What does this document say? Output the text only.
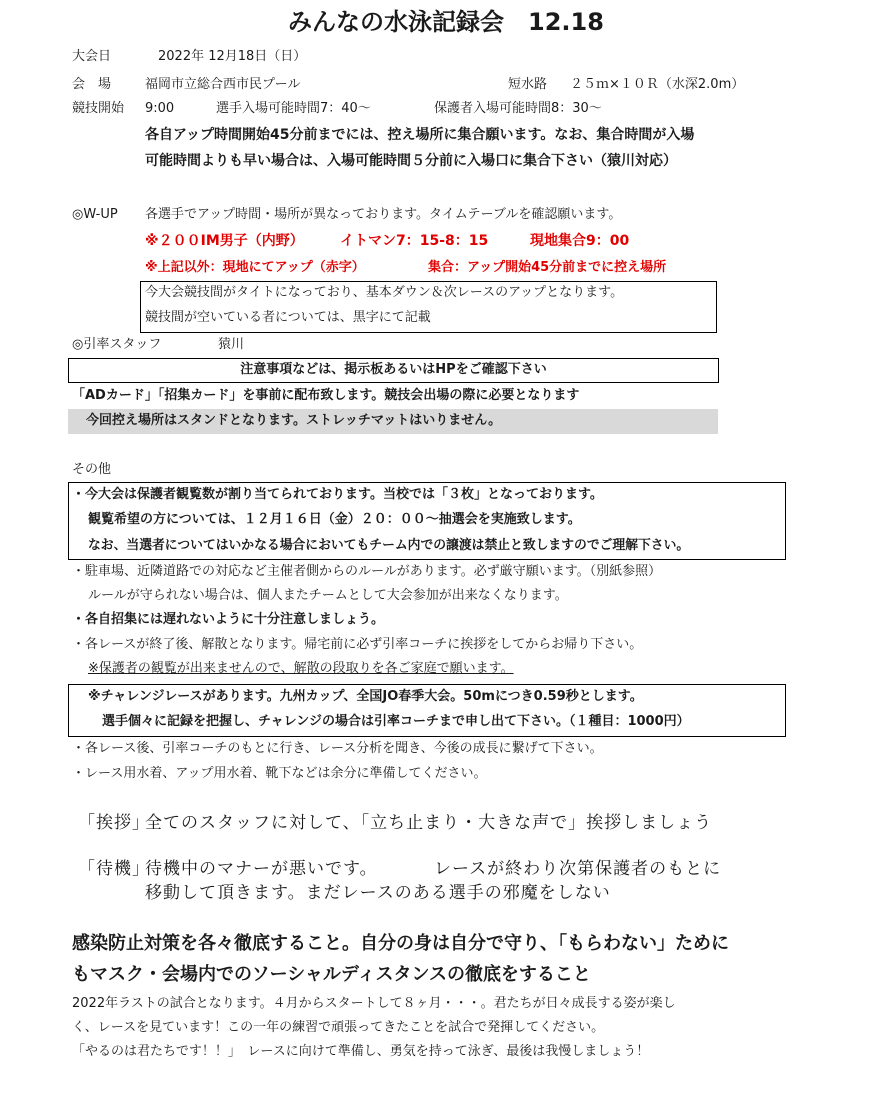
みんなの水泳記録会　12.18
大会日	2022年 12月18日（日）
会　場	福岡市立総合西市民プール	短水路 ２５ｍ×１０Ｒ（水深2.0m）
競技開始 9:00	選手入場可能時間7：40～	保護者入場可能時間8：30～
各自アップ時間開始45分前までには、控え場所に集合願います。なお、集合時間が入場
可能時間よりも早い場合は、入場可能時間５分前に入場口に集合下さい（猿川対応）
◎W-UP 各選手でアップ時間・場所が異なっております。タイムテーブルを確認願います。
※２００IM男子（内野）	イトマン7：15-8：15	現地集合9：00
※上記以外：現地にてアップ（赤字）	集合：アップ開始45分前までに控え場所
今大会競技間がタイトになっており、基本ダウン＆次レースのアップとなります。
競技間が空いている者については、黒字にて記載
◎引率スタッフ	猿川
注意事項などは、掲示板あるいはHPをご確認下さい
「ADカード」「招集カード」を事前に配布致します。競技会出場の際に必要となります
今回控え場所はスタンドとなります。ストレッチマットはいりません。
その他
・今大会は保護者観覧数が割り当てられております。当校では「３枚」となっております。
観覧希望の方については、１２月１６日（金）２０：００～抽選会を実施致します。
なお、当選者についてはいかなる場合においてもチーム内での譲渡は禁止と致しますのでご理解下さい。
・駐車場、近隣道路での対応など主催者側からのルールがあります。必ず厳守願います。（別紙参照）
ルールが守られない場合は、個人またチームとして大会参加が出来なくなります。
・各自招集には遅れないように十分注意しましょう。
・各レースが終了後、解散となります。帰宅前に必ず引率コーチに挨拶をしてからお帰り下さい。
※保護者の観覧が出来ませんので、解散の段取りを各ご家庭で願います。
※チャレンジレースがあります。九州カップ、全国JO春季大会。50mにつき0.59秒とします。
選手個々に記録を把握し、チャレンジの場合は引率コーチまで申し出て下さい。（１種目：1000円）
・各レース後、引率コーチのもとに行き、レース分析を聞き、今後の成長に繋げて下さい。
・レース用水着、アップ用水着、靴下などは余分に準備してください。
「挨拶」
全てのスタッフに対して、「立ち止まり・大きな声で」挨拶しましょう
「待機」
待機中のマナーが悪いです。	レースが終わり次第保護者のもとに
移動して頂きます。まだレースのある選手の邪魔をしない
感染防止対策を各々徹底すること。自分の身は自分で守り、「もらわない」ために
もマスク・会場内でのソーシャルディスタンスの徹底をすること
2022年ラストの試合となります。４月からスタートして８ヶ月・・・。君たちが日々成長する姿が楽し
く、レースを見ています！この一年の練習で頑張ってきたことを試合で発揮してください。
「やるのは君たちです！！」　レースに向けて準備し、勇気を持って泳ぎ、最後は我慢しましょう！
